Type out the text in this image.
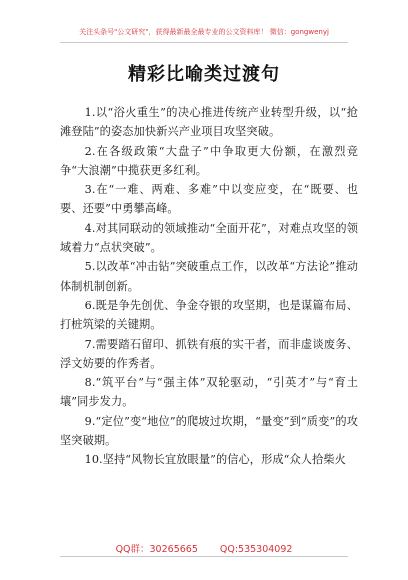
关注头条号"公文研究"，获得最新最全最专业的公文资料库！ 微信：gongwenyj
精彩比喻类过渡句

1.以“浴火重生”的决心推进传统产业转型升级，以“抢滩登陆”的姿态加快新兴产业项目攻坚突破。

2.在各级政策“大盘子”中争取更大份额，在激烈竞争“大浪潮”中揽获更多红利。

3.在“一难、两难、多难”中以变应变，在“既要、也要、还要”中勇攀高峰。

4.对其同联动的领域推动“全面开花”，对难点攻坚的领域着力“点状突破”。

5.以改革“冲击钻”突破重点工作，以改革“方法论”推动体制机制创新。

6.既是争先创优、争金夺银的攻坚期，也是谋篇布局、打桩筑梁的关键期。

7.需要踏石留印、抓铁有痕的实干者，而非虚谈废务、浮文妨要的作秀者。

8.“筑平台”与“强主体”双轮驱动，“引英才”与“育土壤”同步发力。

9.“定位”变“地位”的爬坡过坎期，“量变”到“质变”的攻坚突破期。

10.坚持“风物长宜放眼量”的信心，形成“众人拾柴火

QQ群：30265665 QQ:535304092
